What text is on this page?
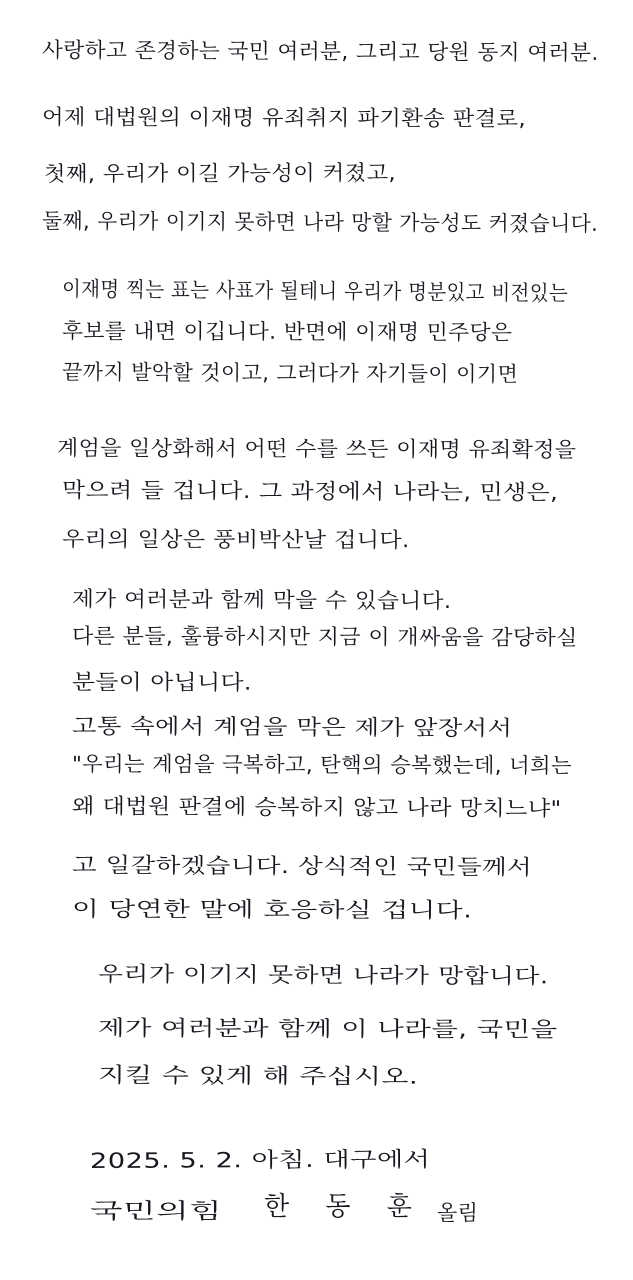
사랑하고 존경하는 국민 여러분, 그리고 당원 동지 여러분.
어제 대법원의 이재명 유죄취지 파기환송 판결로,
첫째, 우리가 이길 가능성이 커졌고,
둘째, 우리가 이기지 못하면 나라 망할 가능성도 커졌습니다.
이재명 찍는 표는 사표가 될테니 우리가 명분있고 비전있는
후보를 내면 이깁니다. 반면에 이재명 민주당은
끝까지 발악할 것이고, 그러다가 자기들이 이기면
계엄을 일상화해서 어떤 수를 쓰든 이재명 유죄확정을
막으려 들 겁니다. 그 과정에서 나라는, 민생은,
우리의 일상은 풍비박산날 겁니다.
제가 여러분과 함께 막을 수 있습니다.
다른 분들, 훌륭하시지만 지금 이 개싸움을 감당하실
분들이 아닙니다.
고통 속에서 계엄을 막은 제가 앞장서서
"우리는 계엄을 극복하고, 탄핵의 승복했는데, 너희는
왜 대법원 판결에 승복하지 않고 나라 망치느냐"
고 일갈하겠습니다. 상식적인 국민들께서
이 당연한 말에 호응하실 겁니다.
우리가 이기지 못하면 나라가 망합니다.
제가 여러분과 함께 이 나라를, 국민을
지킬 수 있게 해 주십시오.
2025. 5. 2. 아침. 대구에서
국민의힘 한 동 훈 올림
